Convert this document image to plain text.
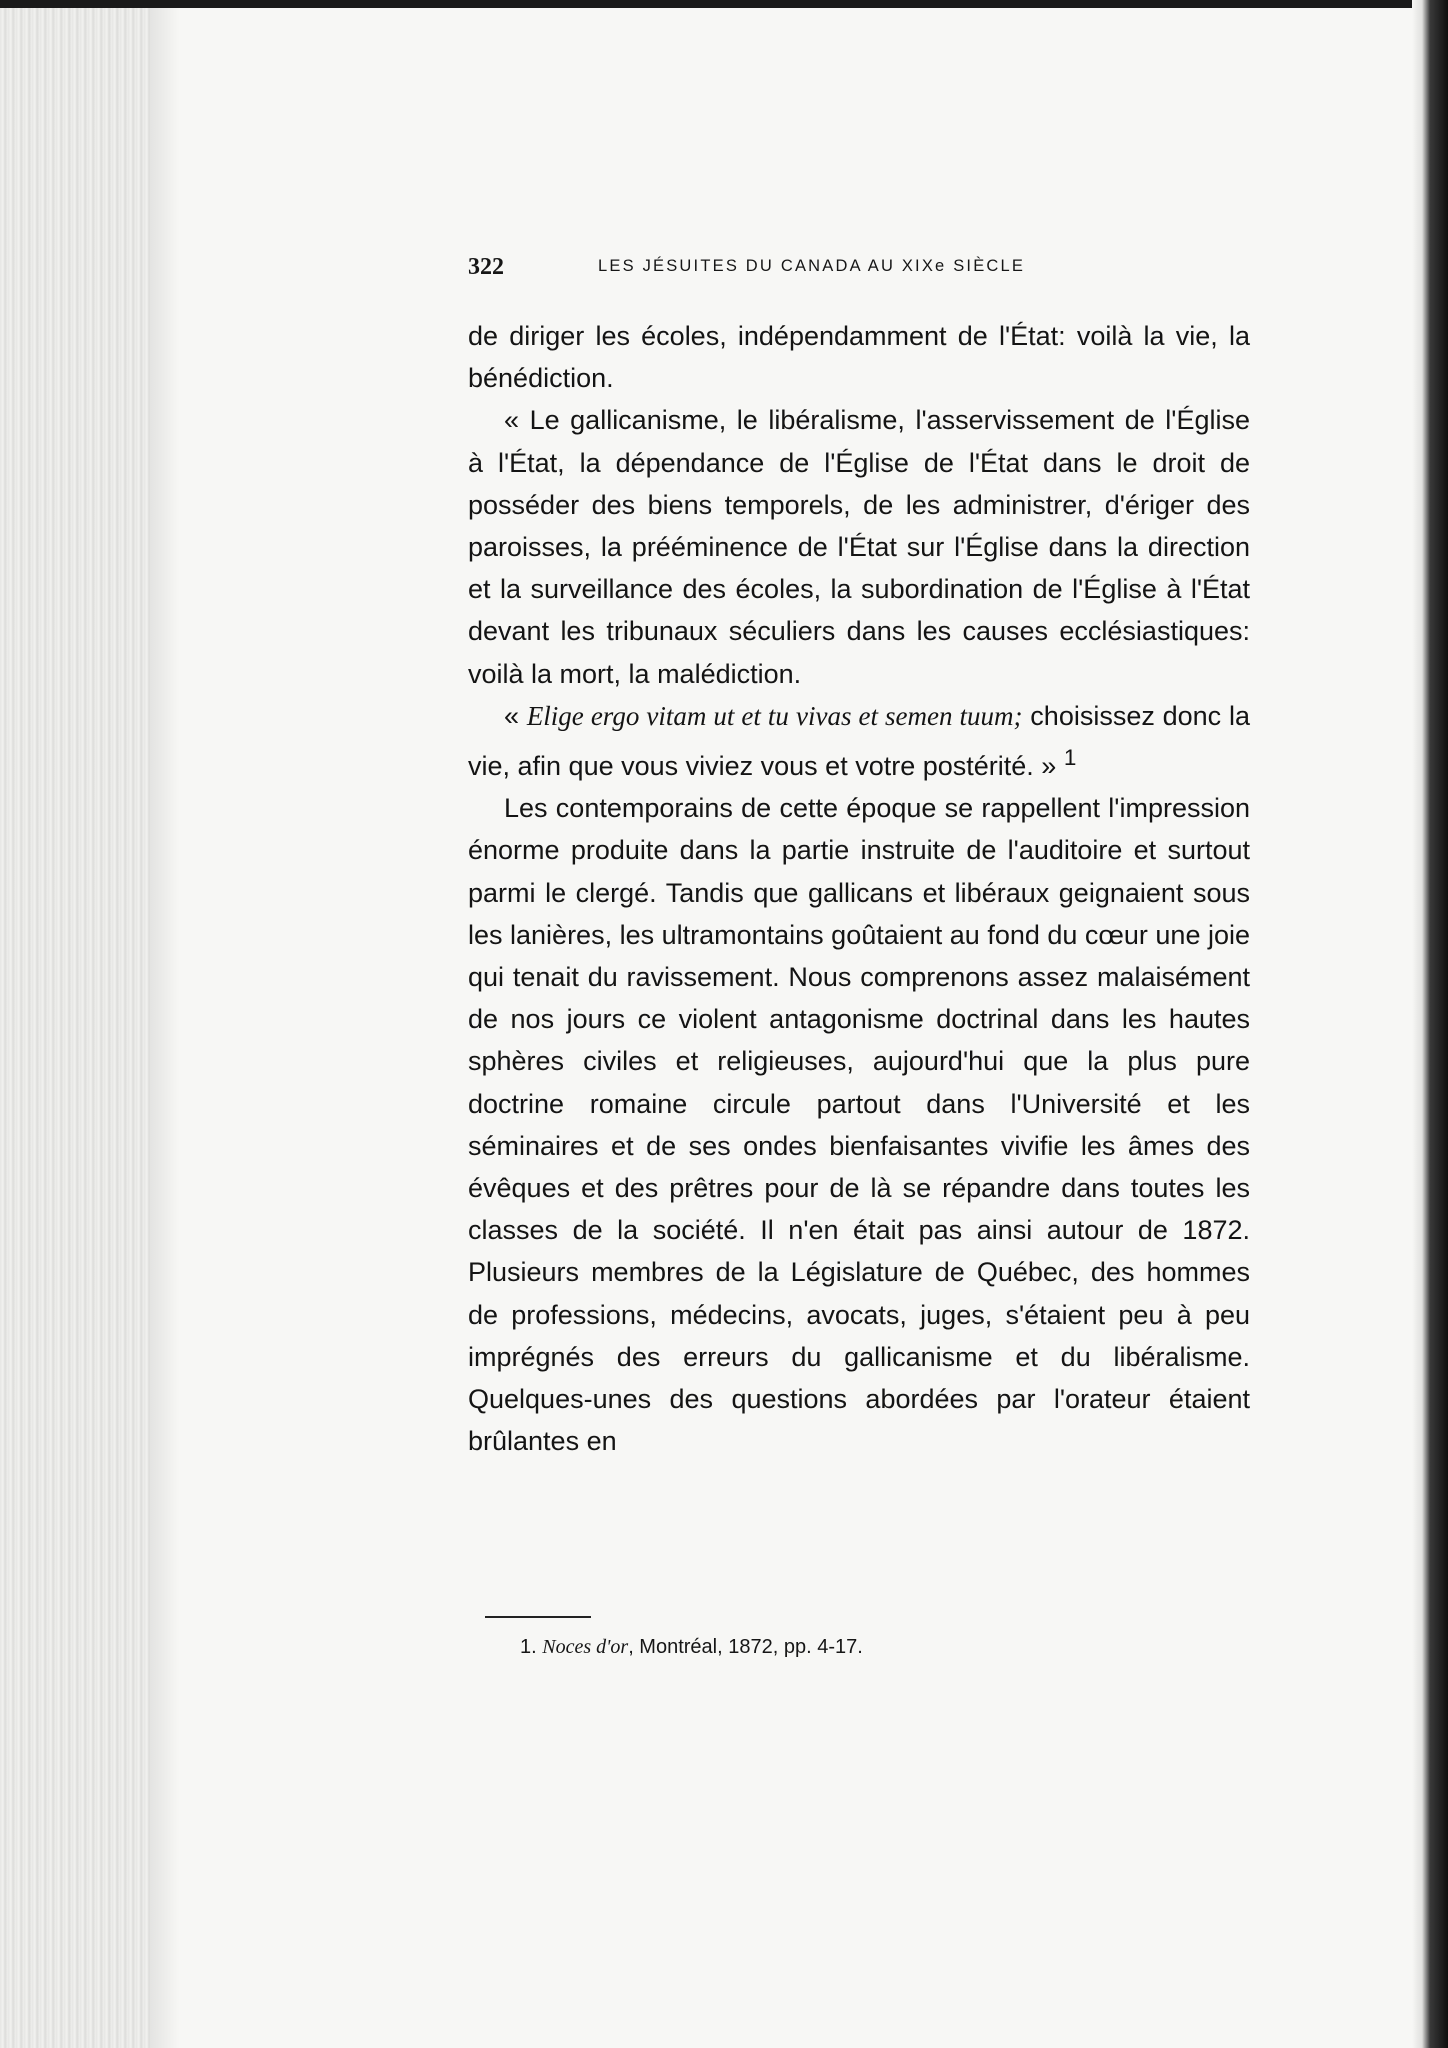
322	LES JÉSUITES DU CANADA AU XIXe SIÈCLE

de diriger les écoles, indépendamment de l'État: voilà la vie, la bénédiction.

« Le gallicanisme, le libéralisme, l'asservissement de l'Église à l'État, la dépendance de l'Église de l'État dans le droit de posséder des biens temporels, de les administrer, d'ériger des paroisses, la prééminence de l'État sur l'Église dans la direction et la surveillance des écoles, la subordination de l'Église à l'État devant les tribunaux séculiers dans les causes ecclésiastiques: voilà la mort, la malédiction.

« Elige ergo vitam ut et tu vivas et semen tuum; choisissez donc la vie, afin que vous viviez vous et votre postérité. » $^1$

Les contemporains de cette époque se rappellent l'impression énorme produite dans la partie instruite de l'auditoire et surtout parmi le clergé. Tandis que gallicans et libéraux geignaient sous les lanières, les ultramontains goûtaient au fond du cœur une joie qui tenait du ravissement. Nous comprenons assez malaisément de nos jours ce violent antagonisme doctrinal dans les hautes sphères civiles et religieuses, aujourd'hui que la plus pure doctrine romaine circule partout dans l'Université et les séminaires et de ses ondes bienfaisantes vivifie les âmes des évêques et des prêtres pour de là se répandre dans toutes les classes de la société. Il n'en était pas ainsi autour de 1872. Plusieurs membres de la Législature de Québec, des hommes de professions, médecins, avocats, juges, s'étaient peu à peu imprégnés des erreurs du gallicanisme et du libéralisme. Quelques-unes des questions abordées par l'orateur étaient brûlantes en

1. Noces d'or, Montréal, 1872, pp. 4-17.
